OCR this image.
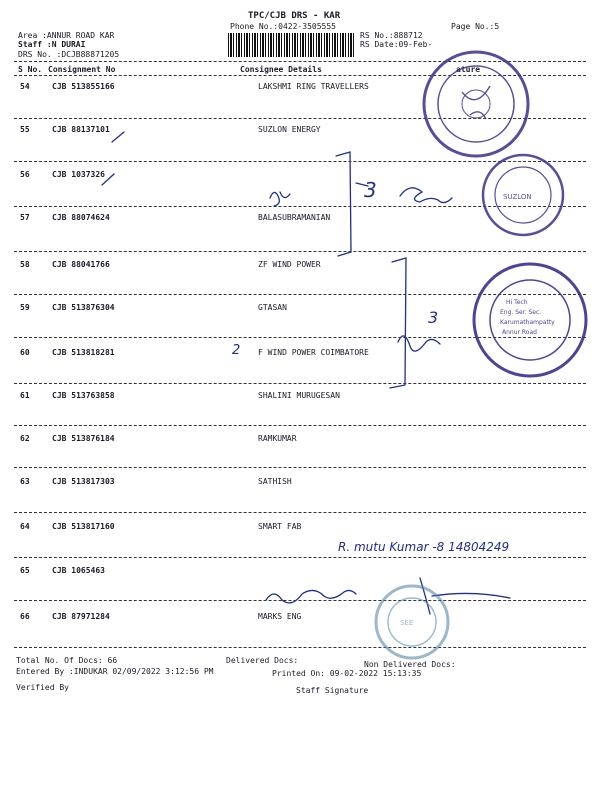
TPC/CJB DRS - KAR
Phone No.:0422-3505555	Page No.:5
Area :ANNUR ROAD KAR
Staff :N DURAI
DRS No. :DCJB88871205
RS No.:888712
RS Date:09-Feb-
S No. Consignment No	Consignee Details	ature
54	CJB 513855166	LAKSHMI RING TRAVELLERS
55	CJB 88137101	SUZLON ENERGY
56	CJB 1037326
57	CJB 88074624	BALASUBRAMANIAN
58	CJB 88041766	ZF WIND POWER
59	CJB 513876304	GTASAN
60	CJB 513818281	F WIND POWER COIMBATORE
61	CJB 513763858	SHALINI MURUGESAN
62	CJB 513876184	RAMKUMAR
63	CJB 513817303	SATHISH
64	CJB 513817160	SMART FAB
65	CJB 1065463
66	CJB 87971284	MARKS ENG
Total No. Of Docs: 66	Delivered Docs:	Non Delivered Docs:
Entered By :INDUKAR 02/09/2022 3:12:56 PM	Printed On: 09-02-2022 15:13:35
Verified By	Staff Signature
3
3
2
R. mutu Kumar -8 14804249
SUZLON
Hi Tech
Eng. Ser. Sec.
Karumathampatty
Annur Road
SEE
